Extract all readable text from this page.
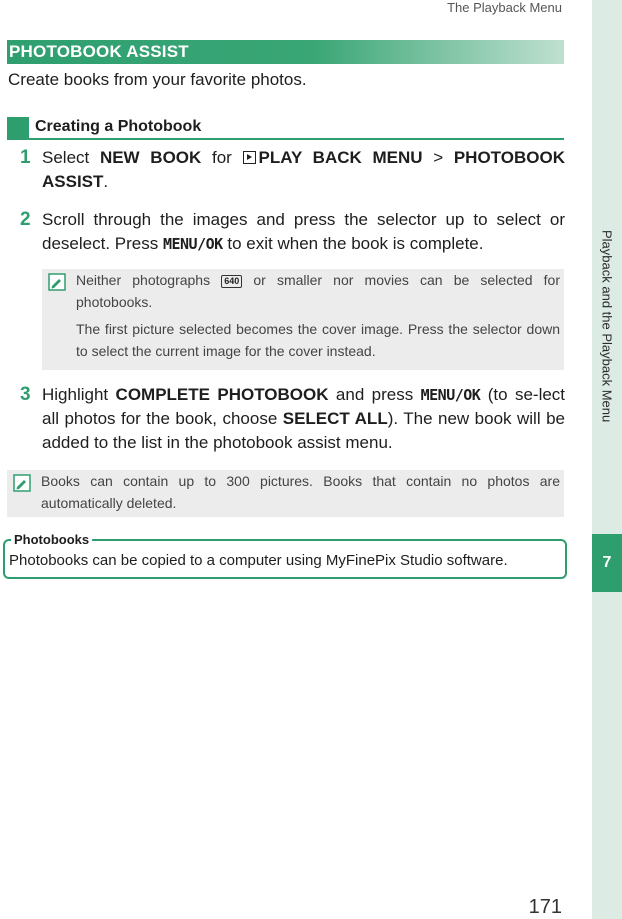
The Playback Menu
Playback and the Playback Menu
7
PHOTOBOOK ASSIST
Create books from your favorite photos.
Creating a Photobook
1 Select NEW BOOK for PLAY BACK MENU > PHOTOBOOK ASSIST.
2 Scroll through the images and press the selector up to select or deselect. Press MENU/OK to exit when the book is complete.

Neither photographs 640 or smaller nor movies can be selected for photobooks.

The first picture selected becomes the cover image. Press the selector down to select the current image for the cover instead.

3 Highlight COMPLETE PHOTOBOOK and press MENU/OK (to se-lect all photos for the book, choose SELECT ALL). The new book will be added to the list in the photobook assist menu.

Books can contain up to 300 pictures. Books that contain no photos are automatically deleted.

Photobooks
Photobooks can be copied to a computer using MyFinePix Studio software.
171
